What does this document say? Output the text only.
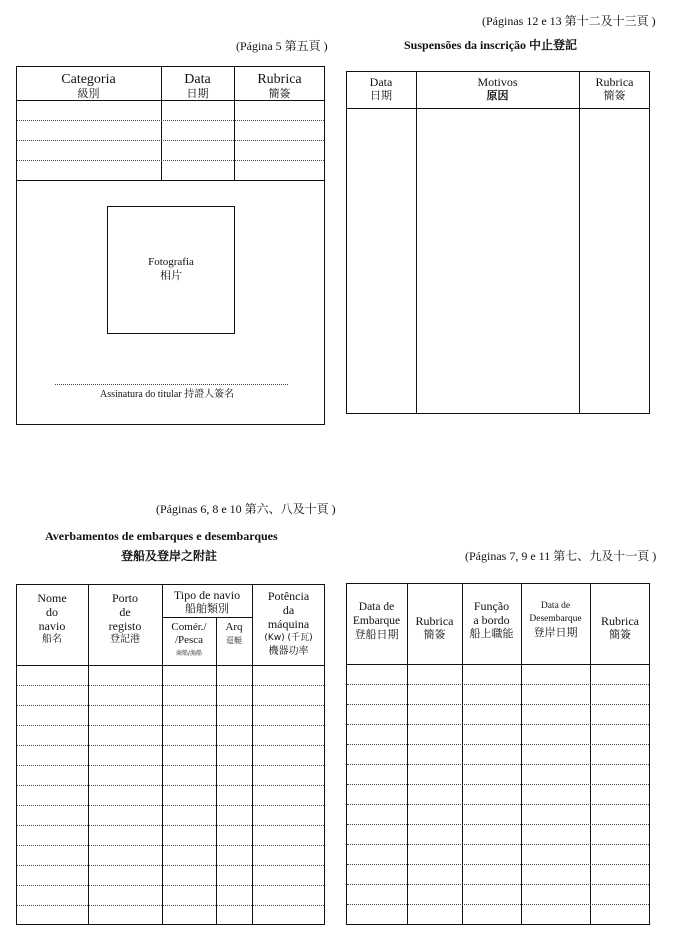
(Páginas 12 e 13 第十二及十三頁 )
(Página 5 第五頁 )
Categoria
級別
Data
日期
Rubrica
簡簽
Fotografia
相片
Assinatura do titular 持證人簽名
Suspensões da inscrição 中止登記
Data
日期
Motivos
原因
Rubrica
簡簽
(Páginas 6, 8 e 10 第六、八及十頁 )
Averbamentos de embarques e desembarques
登船及登岸之附註
Nome
do
navio
船名
Porto
de
registo
登記港
Tipo de navio
船舶類別
Comér./
/Pesca
商船/漁船
Arq
趸艇
Potência
da
máquina
(Kw) (千瓦)
機器功率
(Páginas 7, 9 e 11 第七、九及十一頁 )
Data de
Embarque
登船日期
Rubrica
簡簽
Função
a bordo
船上職能
Data de
Desembarque
登岸日期
Rubrica
簡簽
